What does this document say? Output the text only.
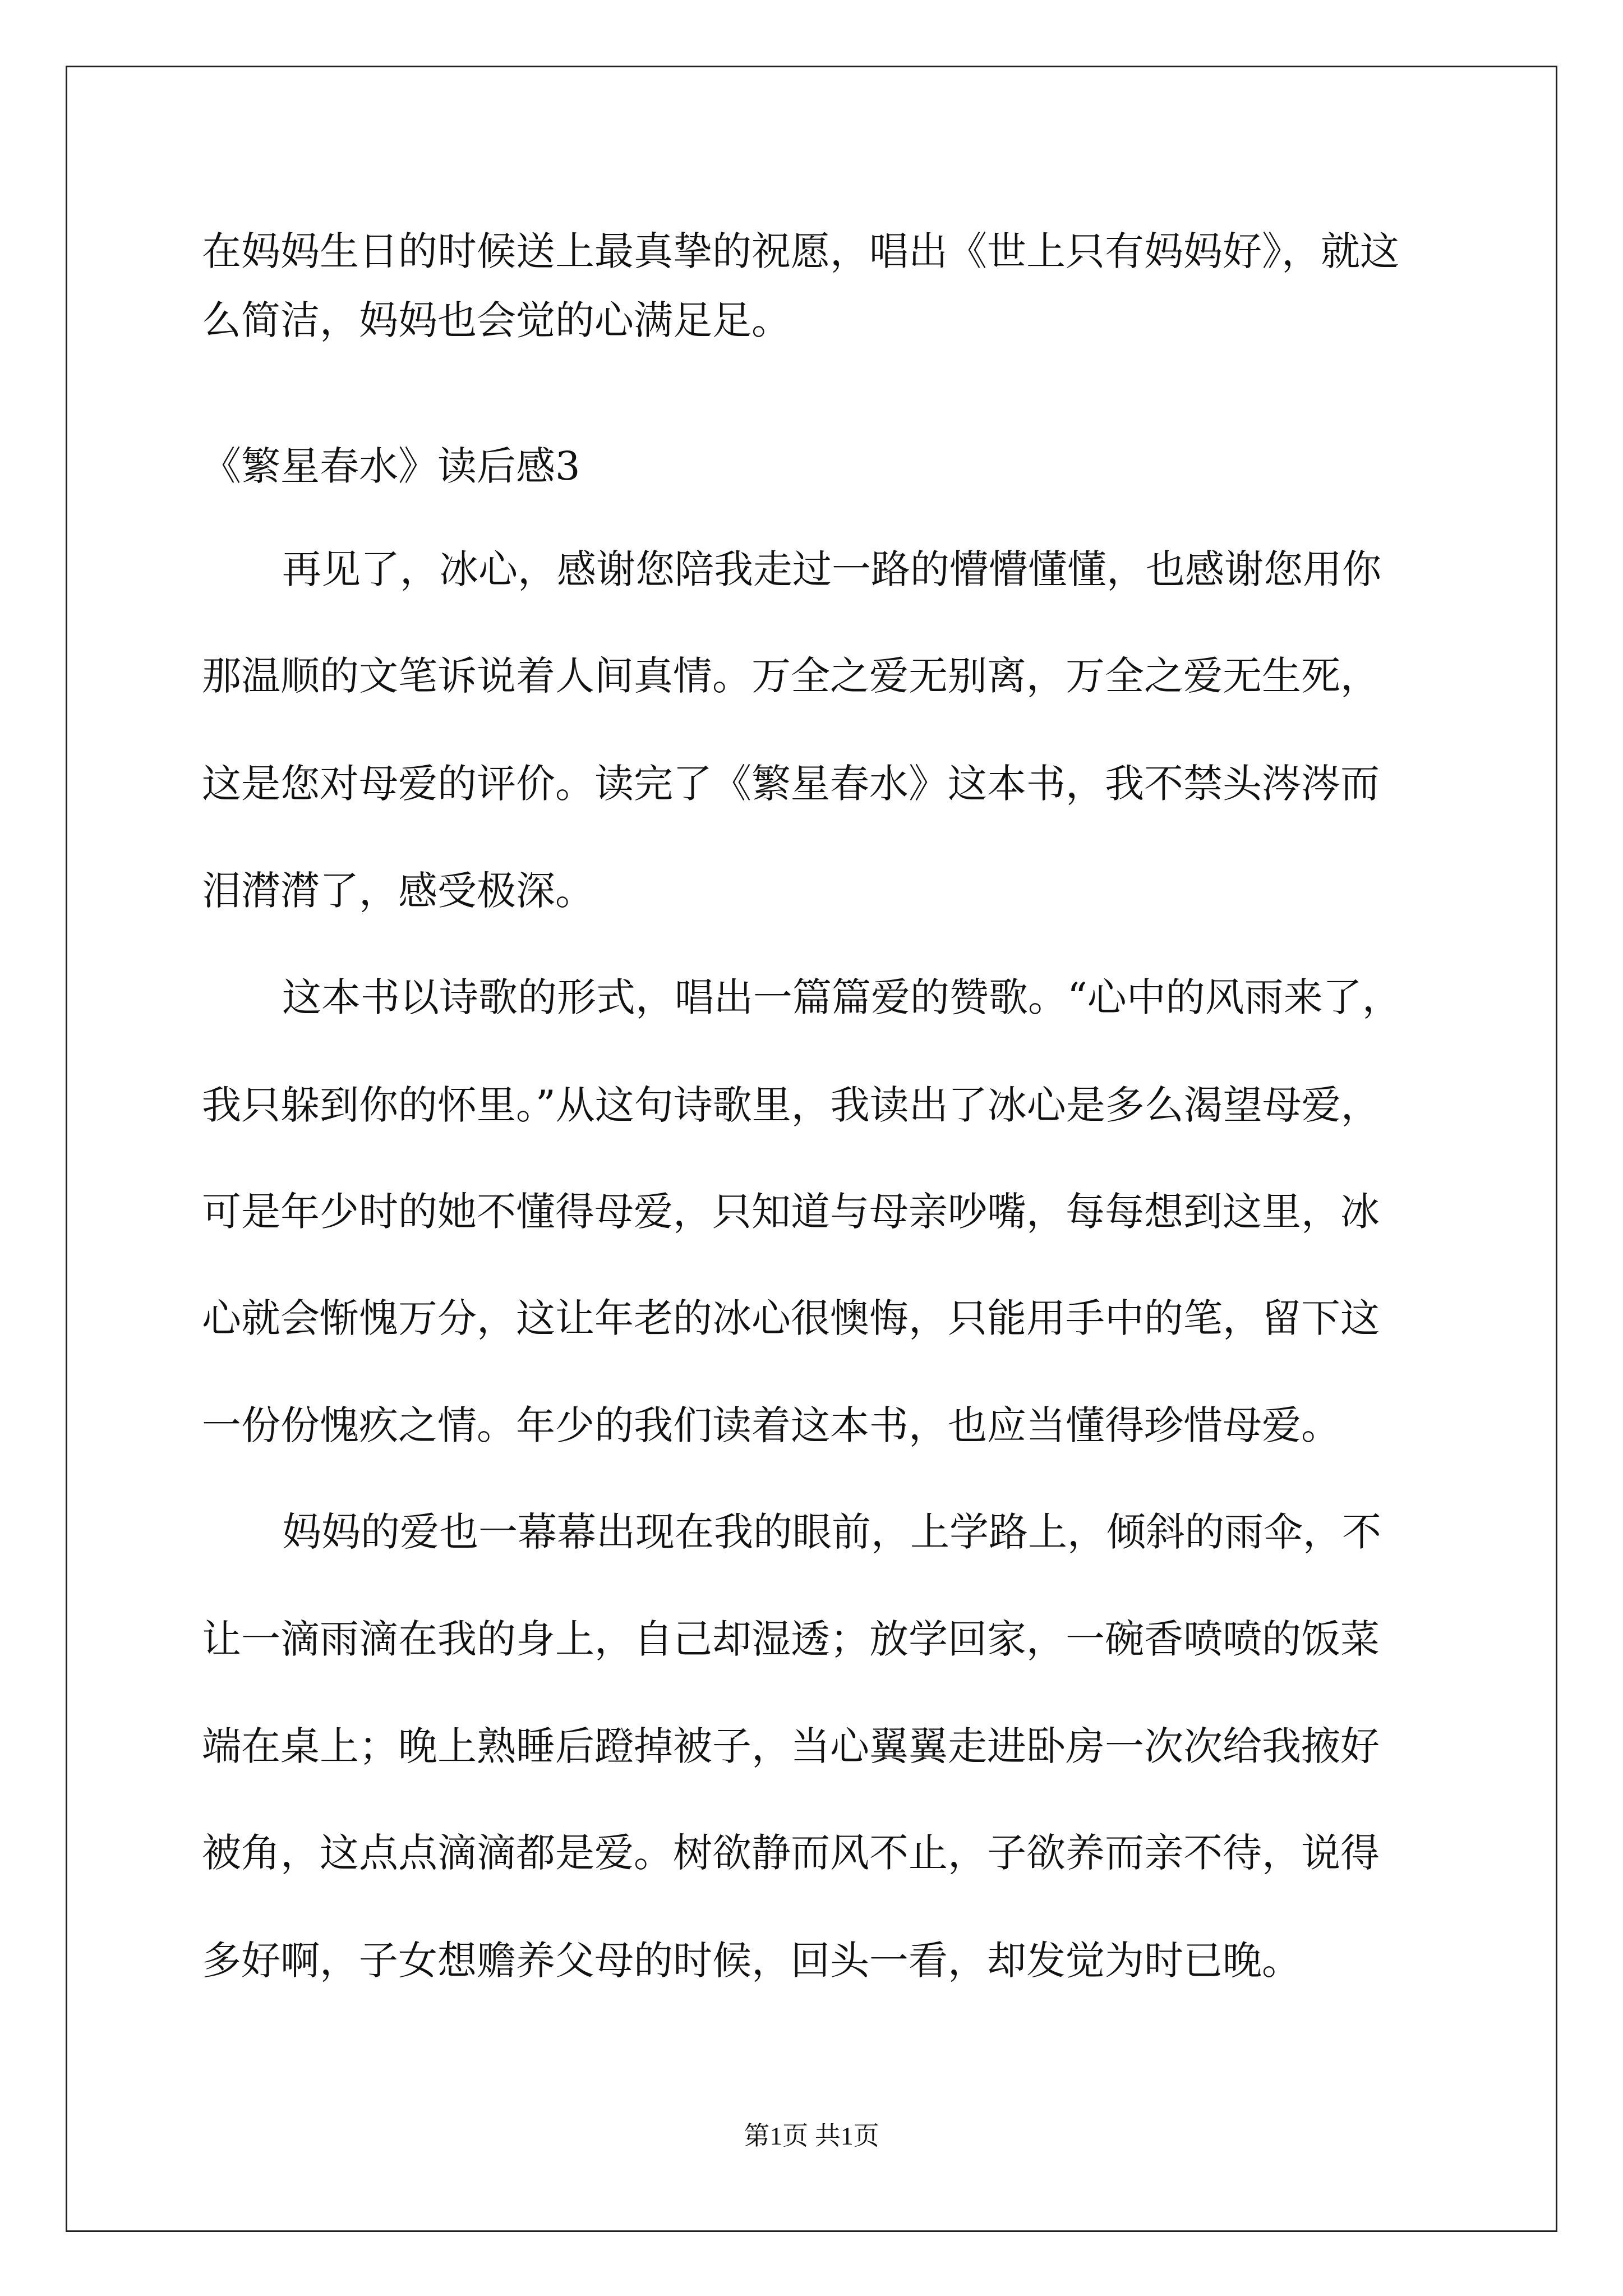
在妈妈生日的时候送上最真挚的祝愿，唱出《世上只有妈妈好》，就这
么简洁，妈妈也会觉的心满足足。
《繁星春水》读后感3
再见了，冰心，感谢您陪我走过一路的懵懵懂懂，也感谢您用你
那温顺的文笔诉说着人间真情。万全之爱无别离，万全之爱无生死，
这是您对母爱的评价。读完了《繁星春水》这本书，我不禁头涔涔而
泪潸潸了，感受极深。
这本书以诗歌的形式，唱出一篇篇爱的赞歌。“心中的风雨来了，
我只躲到你的怀里。”从这句诗歌里，我读出了冰心是多么渴望母爱，
可是年少时的她不懂得母爱，只知道与母亲吵嘴，每每想到这里，冰
心就会惭愧万分，这让年老的冰心很懊悔，只能用手中的笔，留下这
一份份愧疚之情。年少的我们读着这本书，也应当懂得珍惜母爱。
妈妈的爱也一幕幕出现在我的眼前，上学路上，倾斜的雨伞，不
让一滴雨滴在我的身上，自己却湿透；放学回家，一碗香喷喷的饭菜
端在桌上；晚上熟睡后蹬掉被子，当心翼翼走进卧房一次次给我掖好
被角，这点点滴滴都是爱。树欲静而风不止，子欲养而亲不待，说得
多好啊，子女想赡养父母的时候，回头一看，却发觉为时已晚。
第1页 共1页
